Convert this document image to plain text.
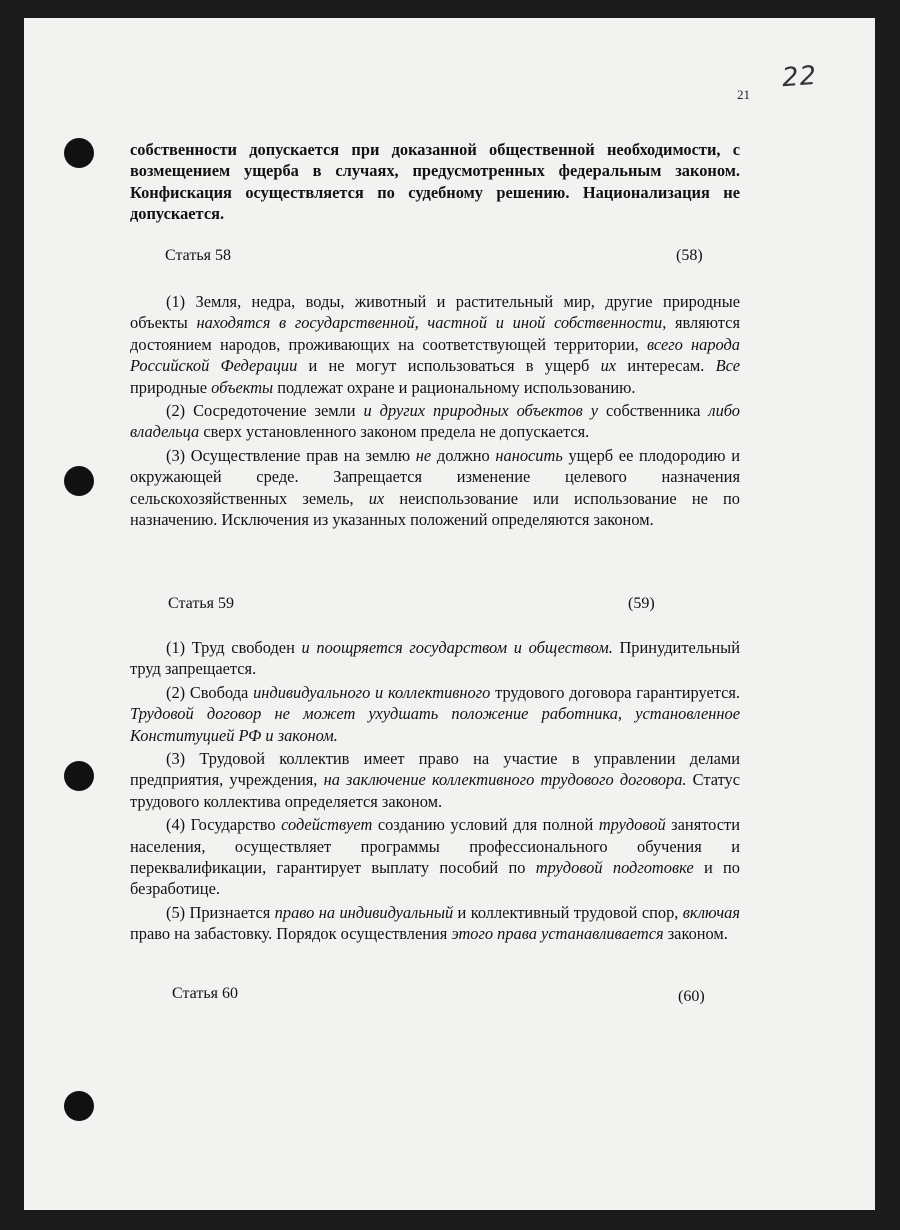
21
22

собственности допускается при доказанной общественной необходимости, с возмещением ущерба в случаях, предусмотренных федеральным законом. Конфискация осуществляется по судебному решению. Национализация не допускается.

Статья 58	(58)

(1) Земля, недра, воды, животный и растительный мир, другие природные объекты находятся в государственной, частной и иной собственности, являются достоянием народов, проживающих на соответствующей территории, всего народа Российской Федерации и не могут использоваться в ущерб их интересам. Все природные объекты подлежат охране и рациональному использованию.

(2) Сосредоточение земли и других природных объектов у собственника либо владельца сверх установленного законом предела не допускается.

(3) Осуществление прав на землю не должно наносить ущерб ее плодородию и окружающей среде. Запрещается изменение целевого назначения сельскохозяйственных земель, их неиспользование или использование не по назначению. Исключения из указанных положений определяются законом.

Статья 59	(59)

(1) Труд свободен и поощряется государством и обществом. Принудительный труд запрещается.

(2) Свобода индивидуального и коллективного трудового договора гарантируется. Трудовой договор не может ухудшать положение работника, установленное Конституцией РФ и законом.

(3) Трудовой коллектив имеет право на участие в управлении делами предприятия, учреждения, на заключение коллективного трудового договора. Статус трудового коллектива определяется законом.

(4) Государство содействует созданию условий для полной трудовой занятости населения, осуществляет программы профессионального обучения и переквалификации, гарантирует выплату пособий по трудовой подготовке и по безработице.

(5) Признается право на индивидуальный и коллективный трудовой спор, включая право на забастовку. Порядок осуществления этого права устанавливается законом.

Статья 60	(60)
